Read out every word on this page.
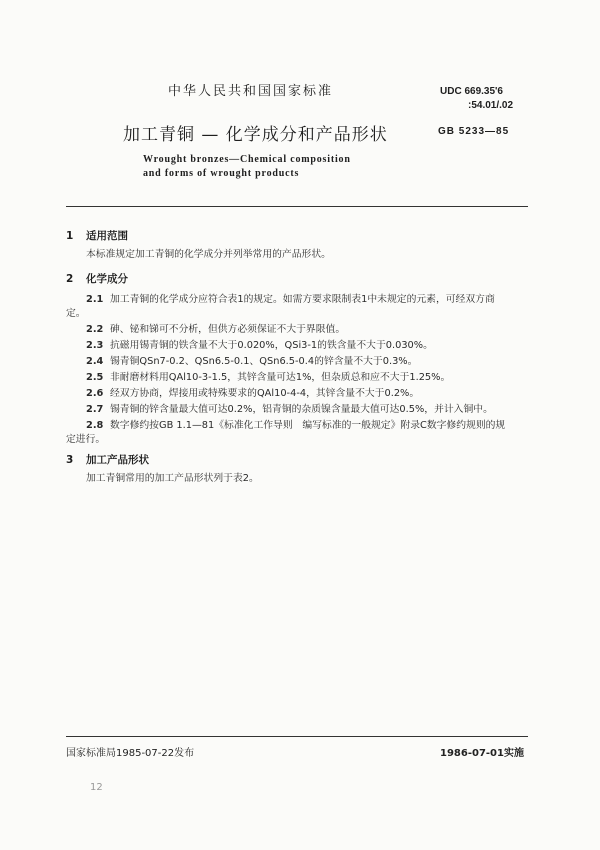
中华人民共和国国家标准	UDC 669.35'6
:54.01/.02
加工青铜 — 化学成分和产品形状	GB 5233—85
Wrought bronzes—Chemical composition
and forms of wrought products
1 适用范围
本标准规定加工青铜的化学成分并列举常用的产品形状。
2 化学成分
2.1 加工青铜的化学成分应符合表1的规定。如需方要求限制表1中未规定的元素，可经双方商
定。
2.2 砷、铋和锑可不分析，但供方必须保证不大于界限值。
2.3 抗磁用锡青铜的铁含量不大于0.020%，QSi3-1的铁含量不大于0.030%。
2.4 锡青铜QSn7-0.2、QSn6.5-0.1、QSn6.5-0.4的锌含量不大于0.3%。
2.5 非耐磨材料用QAl10-3-1.5，其锌含量可达1%，但杂质总和应不大于1.25%。
2.6 经双方协商，焊接用或特殊要求的QAl10-4-4，其锌含量不大于0.2%。
2.7 锡青铜的锌含量最大值可达0.2%，铝青铜的杂质镍含量最大值可达0.5%，并计入铜中。
2.8 数字修约按GB 1.1—81《标准化工作导则　编写标准的一般规定》附录C数字修约规则的规
定进行。
3 加工产品形状
加工青铜常用的加工产品形状列于表2。
国家标准局1985-07-22发布	1986-07-01实施
12
